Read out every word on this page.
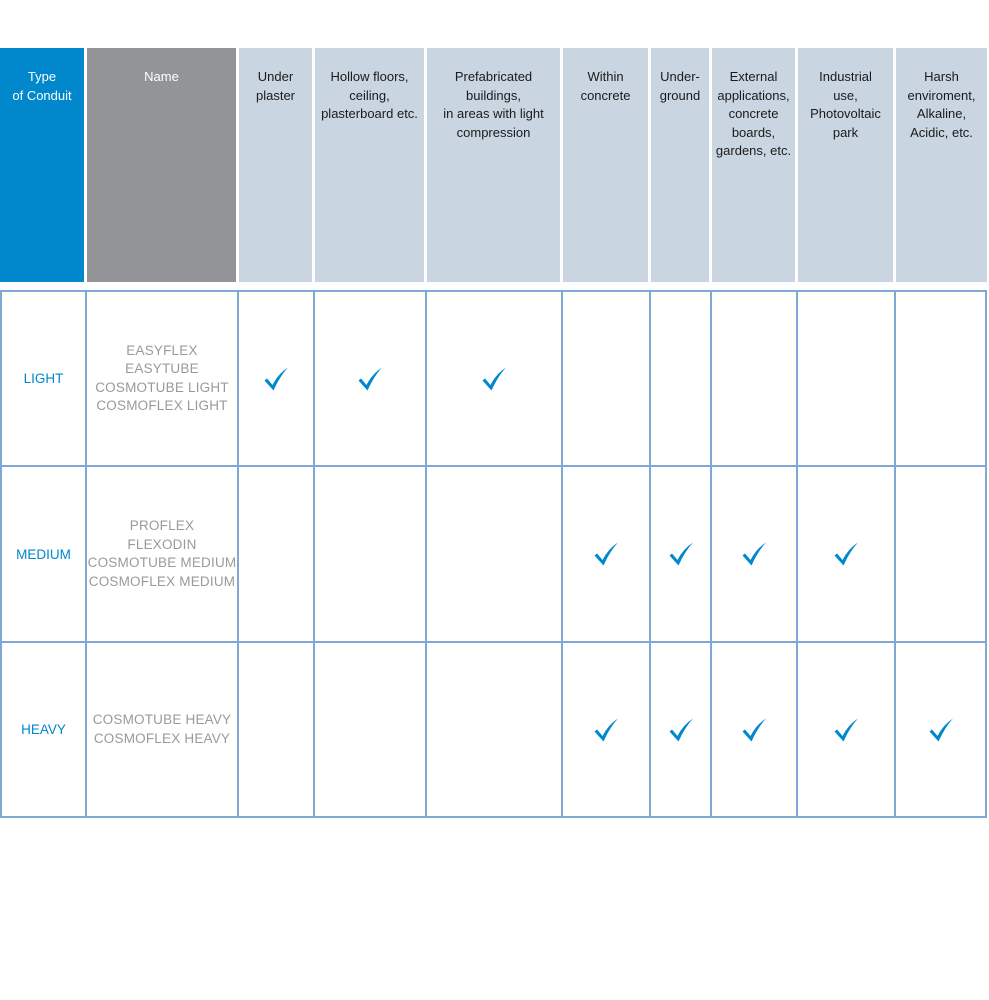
Type
of Conduit
Name	Under
plaster
Hollow floors,
ceiling,
plasterboard etc.
Prefabricated
buildings,
in areas with light
compression
Within
concrete
Under-
ground
External
applications,
concrete
boards,
gardens, etc.
Industrial
use,
Photovoltaic
park
Harsh
enviroment,
Alkaline,
Acidic, etc.
LIGHT
EASYFLEX
EASYTUBE
COSMOTUBE LIGHT
COSMOFLEX LIGHT
MEDIUM
PROFLEX
FLEXODIN
COSMOTUBE MEDIUM
COSMOFLEX MEDIUM
HEAVY
COSMOTUBE HEAVY
COSMOFLEX HEAVY
